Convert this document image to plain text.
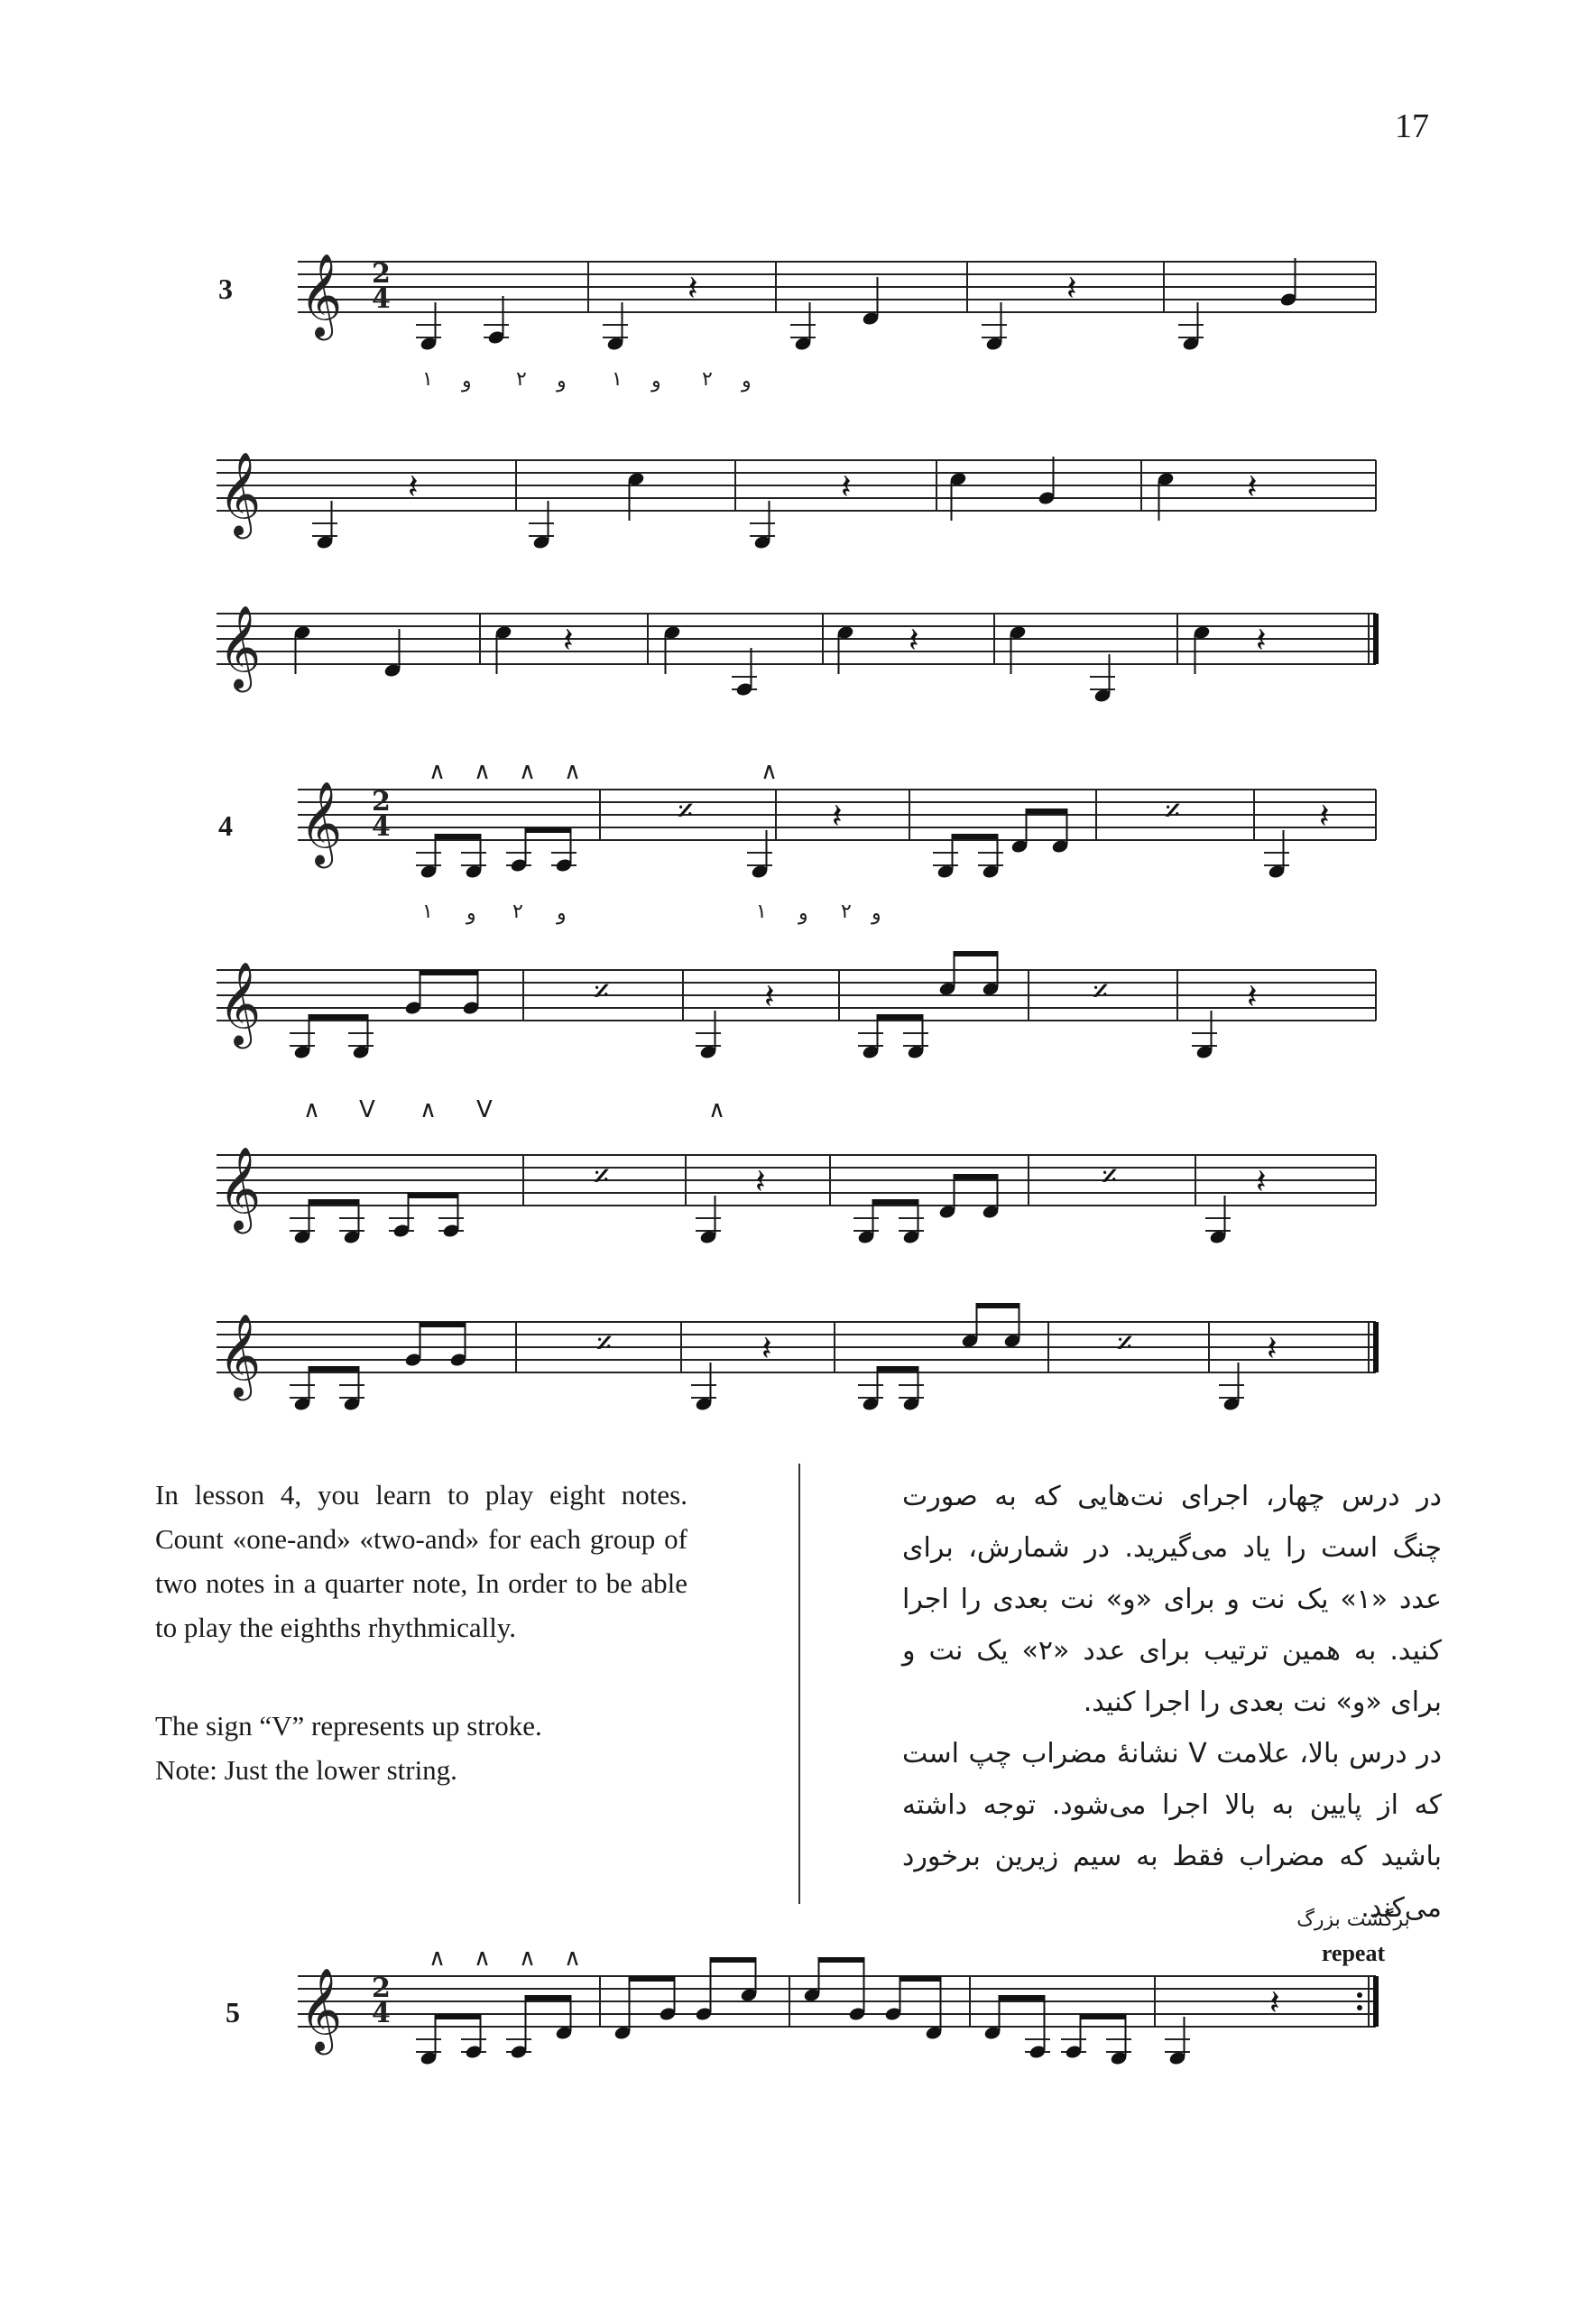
17
3
4
5
𝄞 2
4	𝄽	𝄽
𝄞	𝄽	𝄽	𝄽
𝄞	𝄽	𝄽	𝄽
𝄞 2
4	𝄎	𝄽	𝄎	𝄽
𝄞	𝄎	𝄽	𝄎	𝄽
𝄞	𝄎	𝄽	𝄎	𝄽
𝄞	𝄎	𝄽	𝄎	𝄽
𝄞 2
4	𝄽
∧ ∧ ∧ ∧	∧
∧ V ∧ V	∧
∧ ∧ ∧ ∧
۱ و ۲ و ۱ و ۲ و
۱ و ۲ و	۱ و ۲ و

In lesson 4, you learn to play eight notes. Count «one-and» «two-and» for each group of two notes in a quarter note, In order to be able to play the eighths rhythmically.

The sign “V” represents up stroke.

Note: Just the lower string.

در درس چهار، اجرای نت‌هایی که به صورت چنگ است را یاد می‌گیرید. در شمارش، برای عدد «۱» یک نت و برای «و» نت بعدی را اجرا کنید. به همین ترتیب برای عدد «۲» یک نت و برای «و» نت بعدی را اجرا کنید.

در درس بالا، علامت V نشانهٔ مضراب چپ است که از پایین به بالا اجرا می‌شود. توجه داشته باشید که مضراب فقط به سیم زیرین برخورد می‌کند.

برگشت بزرگ
repeat
